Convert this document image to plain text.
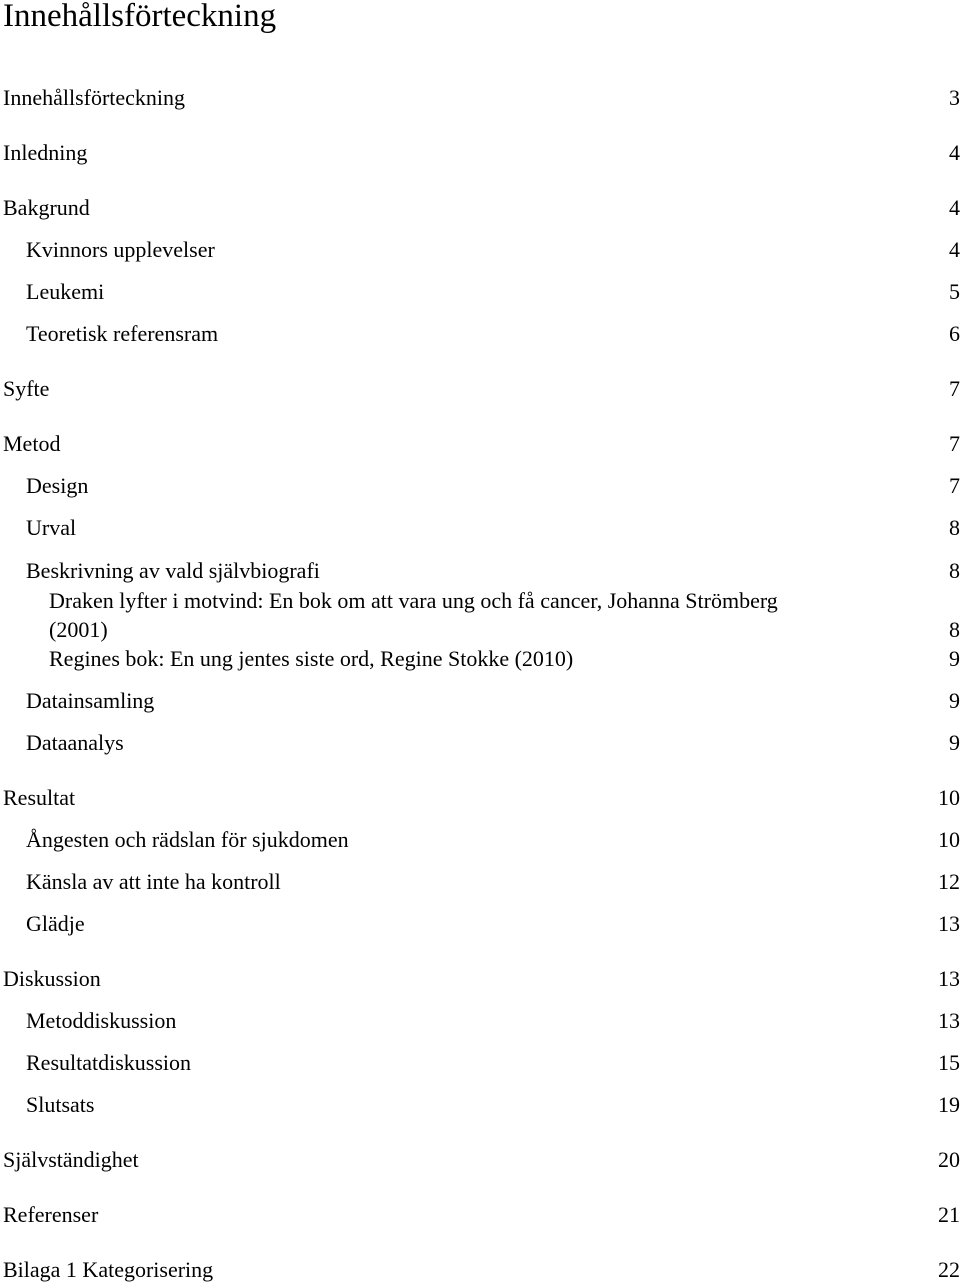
Innehållsförteckning
Innehållsförteckning	3
Inledning	4
Bakgrund	4
Kvinnors upplevelser	4
Leukemi	5
Teoretisk referensram	6
Syfte	7
Metod	7
Design	7
Urval	8
Beskrivning av vald självbiografi	8
Draken lyfter i motvind: En bok om att vara ung och få cancer, Johanna Strömberg
(2001)	8
Regines bok: En ung jentes siste ord, Regine Stokke (2010)	9
Datainsamling	9
Dataanalys	9
Resultat	10
Ångesten och rädslan för sjukdomen	10
Känsla av att inte ha kontroll	12
Glädje	13
Diskussion	13
Metoddiskussion	13
Resultatdiskussion	15
Slutsats	19
Självständighet	20
Referenser	21
Bilaga 1 Kategorisering	22
